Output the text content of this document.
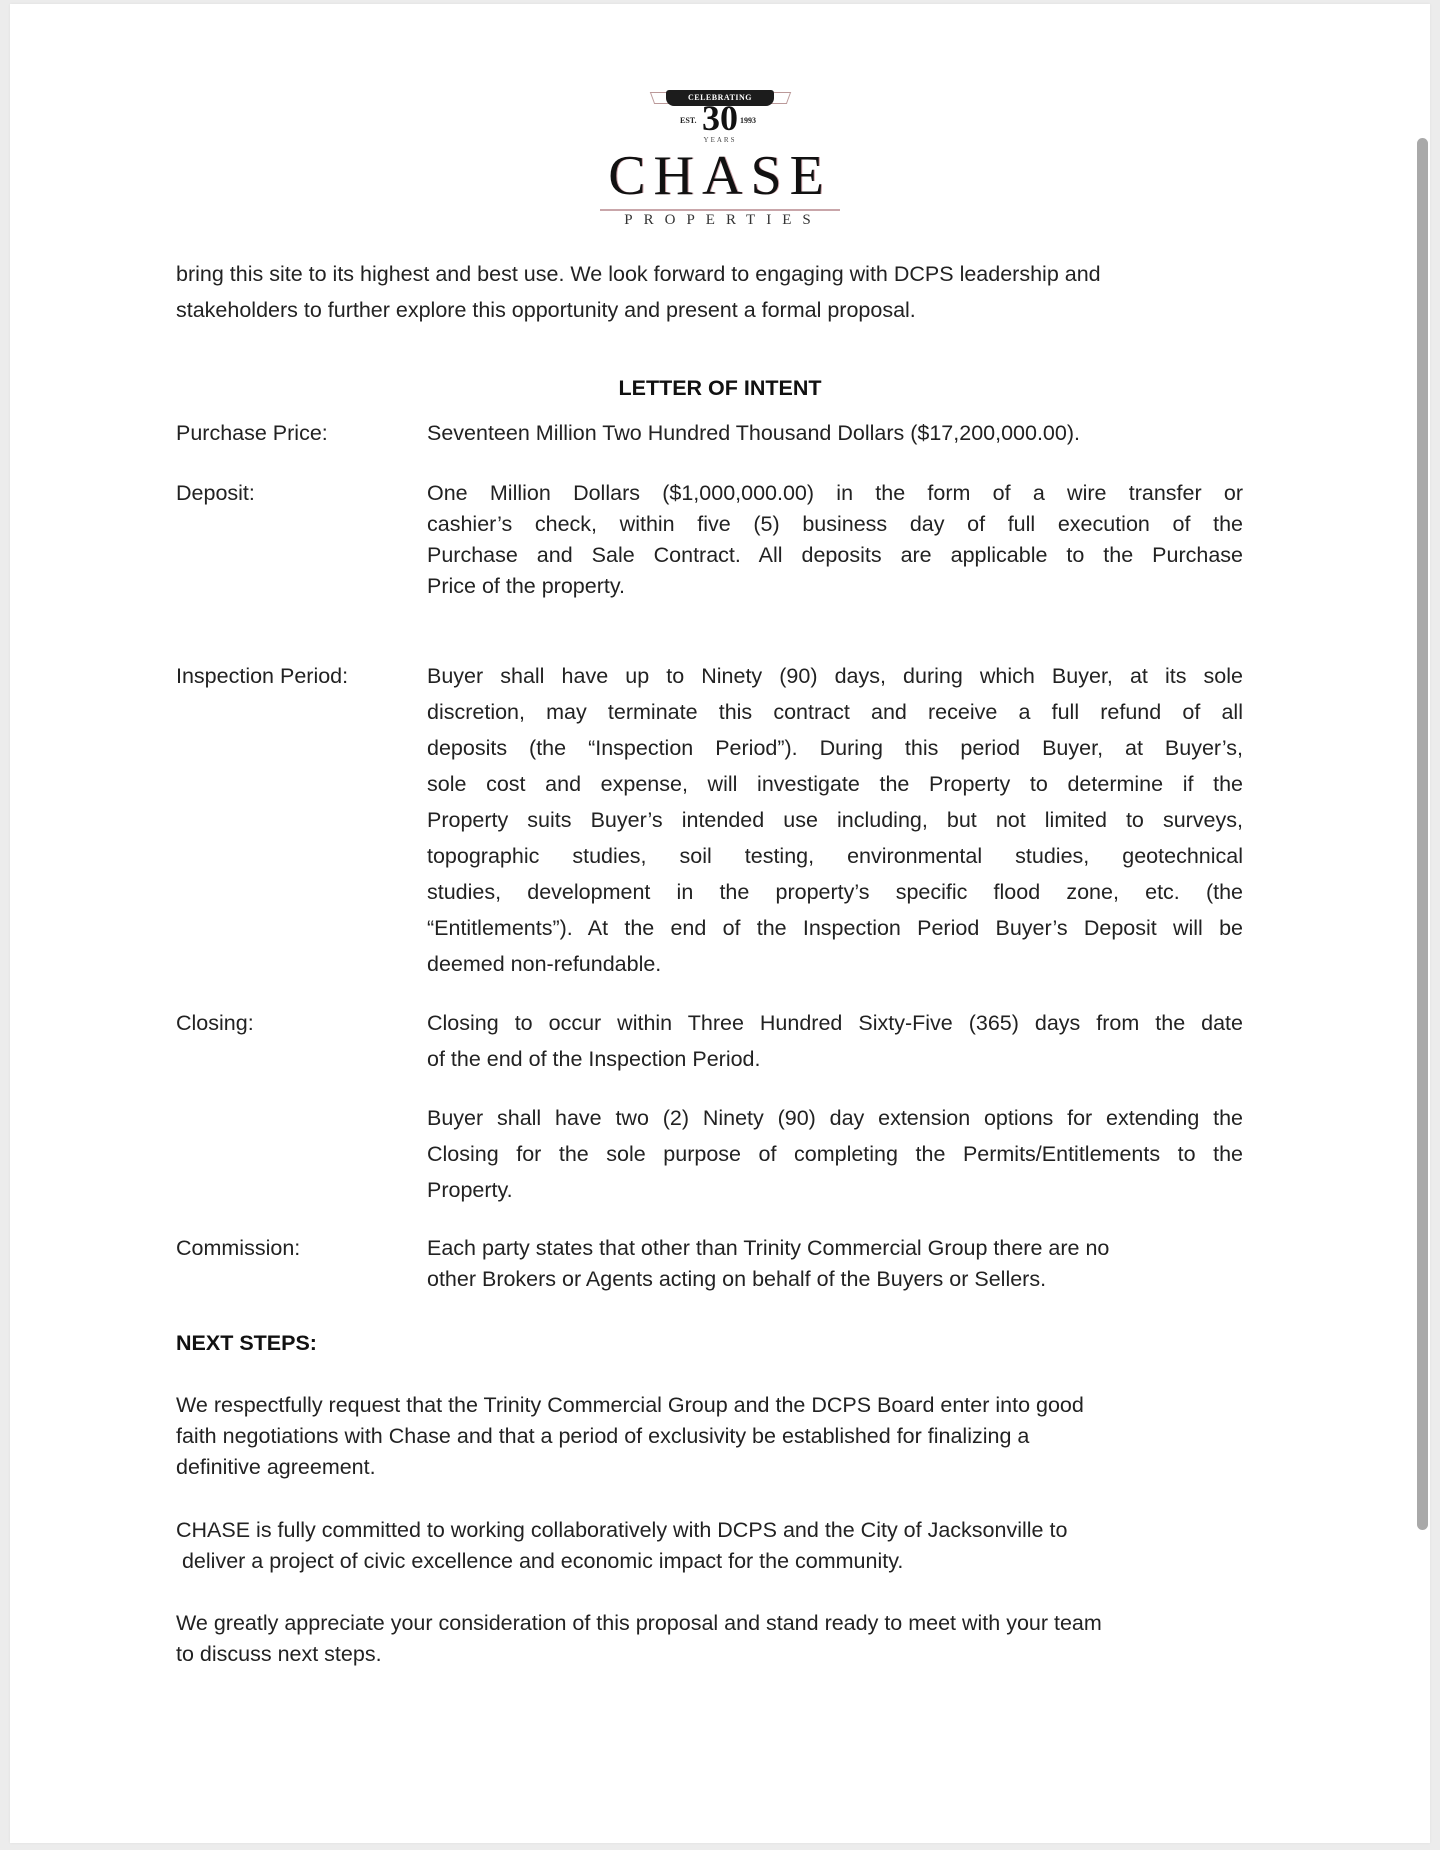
CELEBRATING
EST. 30 1993
YEARS
CHASE
PROPERTIES
bring this site to its highest and best use. We look forward to engaging with DCPS leadership and
stakeholders to further explore this opportunity and present a formal proposal.
LETTER OF INTENT
Purchase Price:	Seventeen Million Two Hundred Thousand Dollars ($17,200,000.00).
Deposit:	One Million Dollars ($1,000,000.00) in the form of a wire transfer or
cashier’s check, within five (5) business day of full execution of the
Purchase and Sale Contract. All deposits are applicable to the Purchase
Price of the property.
Inspection Period:	Buyer shall have up to Ninety (90) days, during which Buyer, at its sole
discretion, may terminate this contract and receive a full refund of all
deposits (the “Inspection Period”). During this period Buyer, at Buyer’s,
sole cost and expense, will investigate the Property to determine if the
Property suits Buyer’s intended use including, but not limited to surveys,
topographic studies, soil testing, environmental studies, geotechnical
studies, development in the property’s specific flood zone, etc. (the
“Entitlements”). At the end of the Inspection Period Buyer’s Deposit will be
deemed non-refundable.
Closing:	Closing to occur within Three Hundred Sixty-Five (365) days from the date
of the end of the Inspection Period.
Buyer shall have two (2) Ninety (90) day extension options for extending the
Closing for the sole purpose of completing the Permits/Entitlements to the
Property.
Commission:	Each party states that other than Trinity Commercial Group there are no
other Brokers or Agents acting on behalf of the Buyers or Sellers.
NEXT STEPS:
We respectfully request that the Trinity Commercial Group and the DCPS Board enter into good
faith negotiations with Chase and that a period of exclusivity be established for finalizing a
definitive agreement.
CHASE is fully committed to working collaboratively with DCPS and the City of Jacksonville to
deliver a project of civic excellence and economic impact for the community.
We greatly appreciate your consideration of this proposal and stand ready to meet with your team
to discuss next steps.
